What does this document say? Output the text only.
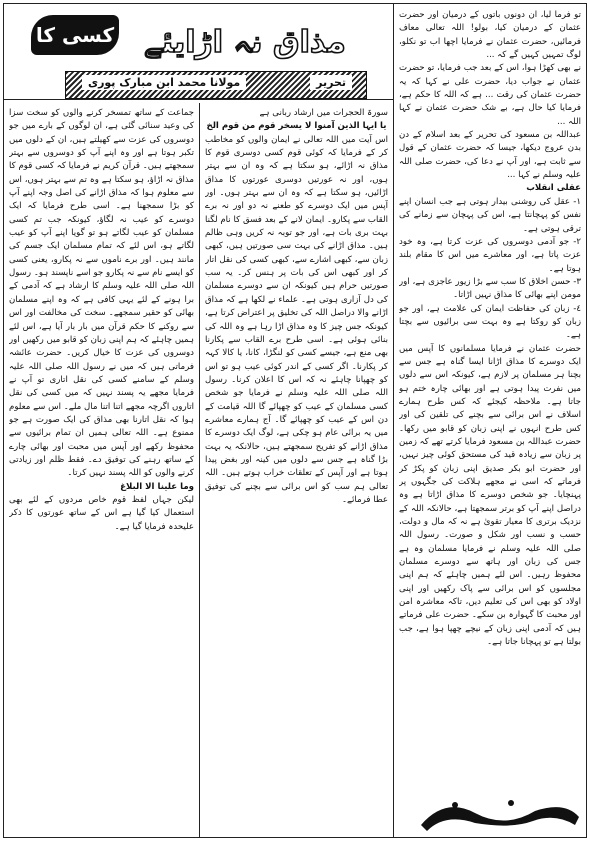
کسی کا مذاق نہ اڑایئے
مولانا محمد ابن مبارک پوری	تحریر

تو فرما لیا، ان دونوں باتوں کے درمیان اور حضرت عثمان کے درمیان کیا، بولو! اللہ تعالی معاف فرمائیں، حضرت عثمان نے فرمایا اچھا اب تو نکلو، لوگ تمہیں کہیں گے کہ ...

نے بھی کھڑا ہوا، اس کے بعد جب فرمایا، تو حضرت عثمان نے جواب دیا، حضرت علی نے کہا کہ یہ حضرت عثمان کی رقت ... ہے کہ اللہ کا حکم ہے، فرمایا کیا حال ہے، بے شک حضرت عثمان نے کہا اللہ ...

عبداللہ بن مسعود کی تحریر کے بعد اسلام کے دن بدن عروج دیکھا، جیسا کہ حضرت عثمان کے قول سے ثابت ہے، اور آپ نے دعا کی، حضرت صلی اللہ علیہ وسلم نے کہا ...

عقلی انقلاب

١- عقل کی روشنی بیدار ہوتی ہے جب انسان اپنے نفس کو پہچانتا ہے، اس کی پہچان سے زمانے کی ترقی ہوتی ہے۔

٢- جو آدمی دوسروں کی عزت کرتا ہے، وہ خود عزت پاتا ہے، اور معاشرے میں اس کا مقام بلند ہوتا ہے۔

٣- حسن اخلاق کا سب سے بڑا زیور عاجزی ہے، اور مومن اپنے بھائی کا مذاق نہیں اڑاتا۔

٤- زبان کی حفاظت ایمان کی علامت ہے، اور جو زبان کو روکتا ہے وہ بہت سی برائیوں سے بچتا ہے۔

حضرت عثمان نے فرمایا مسلمانوں کا آپس میں ایک دوسرے کا مذاق اڑانا ایسا گناہ ہے جس سے بچنا ہر مسلمان پر لازم ہے، کیونکہ اس سے دلوں میں نفرت پیدا ہوتی ہے اور بھائی چارہ ختم ہو جاتا ہے۔ ملاحظہ کیجئے کہ کس طرح ہمارے اسلاف نے اس برائی سے بچنے کی تلقین کی اور کس طرح انہوں نے اپنی زبان کو قابو میں رکھا۔ حضرت عبداللہ بن مسعود فرمایا کرتے تھے کہ زمین پر زبان سے زیادہ قید کی مستحق کوئی چیز نہیں، اور حضرت ابو بکر صدیق اپنی زبان کو پکڑ کر فرماتے کہ اسی نے مجھے ہلاکت کی جگہوں پر پہنچایا۔ جو شخص دوسرے کا مذاق اڑاتا ہے وہ دراصل اپنے آپ کو برتر سمجھتا ہے، حالانکہ اللہ کے نزدیک برتری کا معیار تقویٰ ہے نہ کہ مال و دولت، حسب و نسب اور شکل و صورت۔ رسول اللہ صلی اللہ علیہ وسلم نے فرمایا مسلمان وہ ہے جس کی زبان اور ہاتھ سے دوسرے مسلمان محفوظ رہیں۔ اس لئے ہمیں چاہئے کہ ہم اپنی مجلسوں کو اس برائی سے پاک رکھیں اور اپنی اولاد کو بھی اس کی تعلیم دیں، تاکہ معاشرہ امن اور محبت کا گہوارہ بن سکے۔ حضرت علی فرماتے ہیں کہ آدمی اپنی زبان کے نیچے چھپا ہوا ہے، جب بولتا ہے تو پہچانا جاتا ہے۔

سورۃ الحجرات میں ارشاد ربانی ہے

یا ایہا الذین آمنوا لا یسخر قوم من قوم الخ

اس آیت میں اللہ تعالی نے ایمان والوں کو مخاطب کر کے فرمایا کہ کوئی قوم کسی دوسری قوم کا مذاق نہ اڑائے، ہو سکتا ہے کہ وہ ان سے بہتر ہوں، اور نہ عورتیں دوسری عورتوں کا مذاق اڑائیں، ہو سکتا ہے کہ وہ ان سے بہتر ہوں۔ اور آپس میں ایک دوسرے کو طعنے نہ دو اور نہ برے القاب سے پکارو۔ ایمان لانے کے بعد فسق کا نام لگنا بہت بری بات ہے، اور جو توبہ نہ کریں وہی ظالم ہیں۔ مذاق اڑانے کی بہت سی صورتیں ہیں، کبھی زبان سے، کبھی اشارے سے، کبھی کسی کی نقل اتار کر اور کبھی اس کی بات پر ہنس کر۔ یہ سب صورتیں حرام ہیں کیونکہ ان سے دوسرے مسلمان کی دل آزاری ہوتی ہے۔ علماء نے لکھا ہے کہ مذاق اڑانے والا دراصل اللہ کی تخلیق پر اعتراض کرتا ہے، کیونکہ جس چیز کا وہ مذاق اڑا رہا ہے وہ اللہ کی بنائی ہوئی ہے۔ اسی طرح برے القاب سے پکارنا بھی منع ہے، جیسے کسی کو لنگڑا، کانا، یا کالا کہہ کر پکارنا۔ اگر کسی کے اندر کوئی عیب ہو تو اس کو چھپانا چاہئے نہ کہ اس کا اعلان کرنا۔ رسول اللہ صلی اللہ علیہ وسلم نے فرمایا جو شخص کسی مسلمان کے عیب کو چھپائے گا اللہ قیامت کے دن اس کے عیب کو چھپائے گا۔ آج ہمارے معاشرے میں یہ برائی عام ہو چکی ہے، لوگ ایک دوسرے کا مذاق اڑانے کو تفریح سمجھتے ہیں، حالانکہ یہ بہت بڑا گناہ ہے جس سے دلوں میں کینہ اور بغض پیدا ہوتا ہے اور آپس کے تعلقات خراب ہوتے ہیں۔ اللہ تعالی ہم سب کو اس برائی سے بچنے کی توفیق عطا فرمائے۔

جماعت کے ساتھ تمسخر کرنے والوں کو سخت سزا کی وعید سنائی گئی ہے، ان لوگوں کے بارے میں جو دوسروں کی عزت سے کھیلتے ہیں، ان کے دلوں میں تکبر ہوتا ہے اور وہ اپنے آپ کو دوسروں سے بہتر سمجھتے ہیں۔ قرآن کریم نے فرمایا کہ کسی قوم کا مذاق نہ اڑاؤ، ہو سکتا ہے وہ تم سے بہتر ہوں، اس سے معلوم ہوا کہ مذاق اڑانے کی اصل وجہ اپنے آپ کو بڑا سمجھنا ہے۔ اسی طرح فرمایا کہ ایک دوسرے کو عیب نہ لگاؤ، کیونکہ جب تم کسی مسلمان کو عیب لگاتے ہو تو گویا اپنے آپ کو عیب لگاتے ہو، اس لئے کہ تمام مسلمان ایک جسم کی مانند ہیں۔ اور برے ناموں سے نہ پکارو، یعنی کسی کو ایسے نام سے نہ پکارو جو اسے ناپسند ہو۔ رسول اللہ صلی اللہ علیہ وسلم کا ارشاد ہے کہ آدمی کے برا ہونے کے لئے یہی کافی ہے کہ وہ اپنے مسلمان بھائی کو حقیر سمجھے۔ سخت کی مخالفت اور اس سے روکنے کا حکم قرآن میں بار بار آیا ہے، اس لئے ہمیں چاہئے کہ ہم اپنی زبان کو قابو میں رکھیں اور دوسروں کی عزت کا خیال کریں۔ حضرت عائشہ فرماتی ہیں کہ میں نے رسول اللہ صلی اللہ علیہ وسلم کے سامنے کسی کی نقل اتاری تو آپ نے فرمایا مجھے یہ پسند نہیں کہ میں کسی کی نقل اتاروں اگرچہ مجھے اتنا اتنا مال ملے۔ اس سے معلوم ہوا کہ نقل اتارنا بھی مذاق کی ایک صورت ہے جو ممنوع ہے۔ اللہ تعالی ہمیں ان تمام برائیوں سے محفوظ رکھے اور آپس میں محبت اور بھائی چارے کے ساتھ رہنے کی توفیق دے۔ فقط ظلم اور زیادتی کرنے والوں کو اللہ پسند نہیں کرتا۔

وما علینا الا البلاغ

لیکن جہاں لفظ قوم خاص مردوں کے لئے بھی استعمال کیا گیا ہے اس کے ساتھ عورتوں کا ذکر علیحدہ فرمایا گیا ہے۔
